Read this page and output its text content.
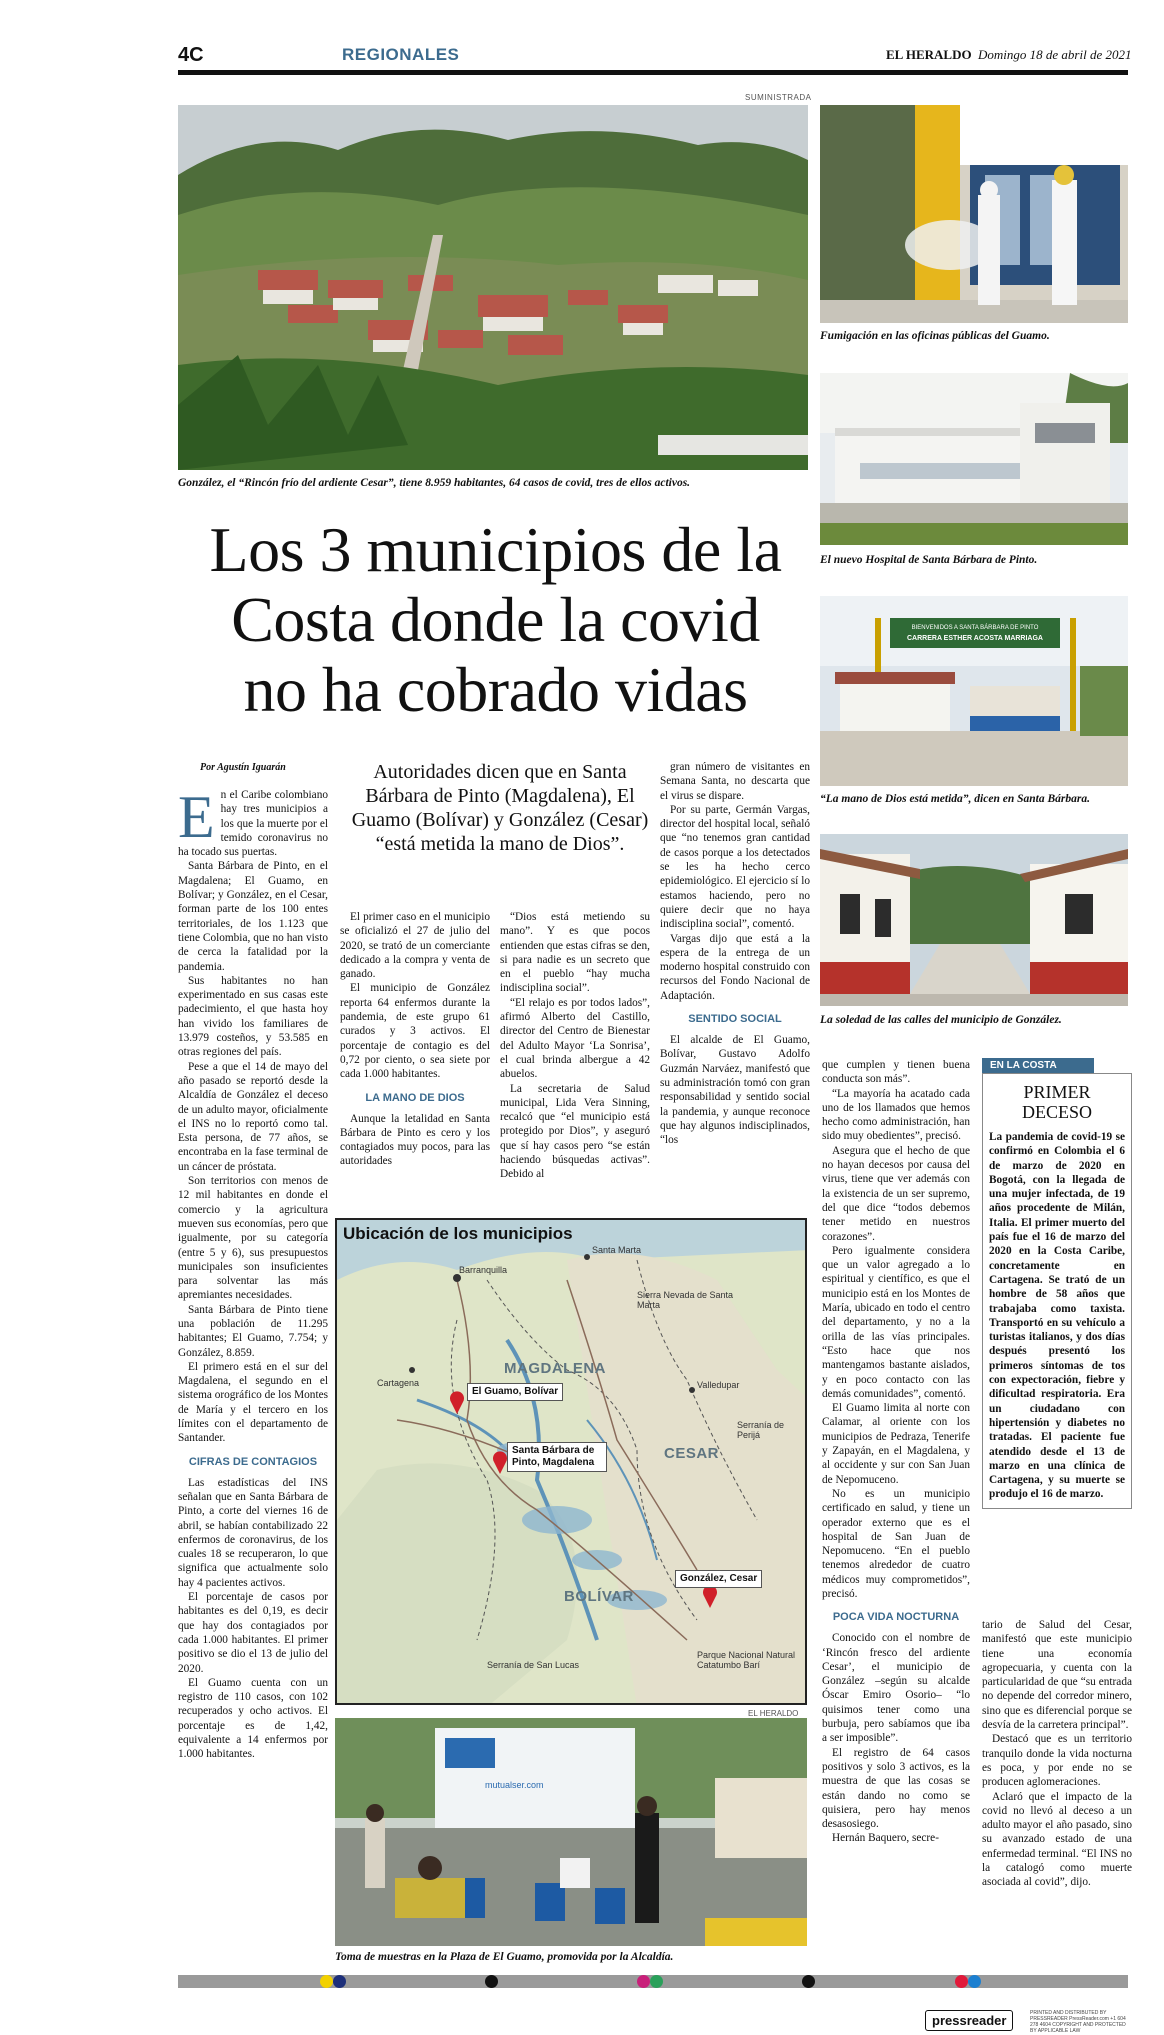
4C	REGIONALES	EL HERALDO Domingo 18 de abril de 2021
SUMINISTRADA
González, el “Rincón frío del ardiente Cesar”, tiene 8.959 habitantes, 64 casos de covid, tres de ellos activos.
Fumigación en las oficinas públicas del Guamo.
El nuevo Hospital de Santa Bárbara de Pinto.
BIENVENIDOS A SANTA BÁRBARA DE PINTO
CARRERA ESTHER ACOSTA MARRIAGA
“La mano de Dios está metida”, dicen en Santa Bárbara.
La soledad de las calles del municipio de González.
Los 3 municipios de la
Costa donde la covid
no ha cobrado vidas
Por Agustín Iguarán	Autoridades dicen que en Santa Bárbara de Pinto (Magdalena), El Guamo (Bolívar) y González (Cesar) “está metida la mano de Dios”.
E n el Caribe colombiano hay tres municipios a los que la muerte por el temido coronavirus no ha tocado sus puertas.

Santa Bárbara de Pinto, en el Magdalena; El Guamo, en Bolívar; y González, en el Cesar, forman parte de los 100 entes territoriales, de los 1.123 que tiene Colombia, que no han visto de cerca la fatalidad por la pandemia.

Sus habitantes no han experimentado en sus casas este padecimiento, el que hasta hoy han vivido los familiares de 13.979 costeños, y 53.585 en otras regiones del país.

Pese a que el 14 de mayo del año pasado se reportó desde la Alcaldía de González el deceso de un adulto mayor, oficialmente el INS no lo reportó como tal. Esta persona, de 77 años, se encontraba en la fase terminal de un cáncer de próstata.

Son territorios con menos de 12 mil habitantes en donde el comercio y la agricultura mueven sus economías, pero que igualmente, por su categoría (entre 5 y 6), sus presupuestos municipales son insuficientes para solventar las más apremiantes necesidades.

Santa Bárbara de Pinto tiene una población de 11.295 habitantes; El Guamo, 7.754; y González, 8.859.

El primero está en el sur del Magdalena, el segundo en el sistema orográfico de los Montes de María y el tercero en los límites con el departamento de Santander.

CIFRAS DE CONTAGIOS

Las estadísticas del INS señalan que en Santa Bárbara de Pinto, a corte del viernes 16 de abril, se habían contabilizado 22 enfermos de coronavirus, de los cuales 18 se recuperaron, lo que significa que actualmente solo hay 4 pacientes activos.

El porcentaje de casos por habitantes es del 0,19, es decir que hay dos contagiados por cada 1.000 habitantes. El primer positivo se dio el 13 de julio del 2020.

El Guamo cuenta con un registro de 110 casos, con 102 recuperados y ocho activos. El porcentaje es de 1,42, equivalente a 14 enfermos por 1.000 habitantes.

El primer caso en el municipio se oficializó el 27 de julio del 2020, se trató de un comerciante dedicado a la compra y venta de ganado.

El municipio de González reporta 64 enfermos durante la pandemia, de este grupo 61 curados y 3 activos. El porcentaje de contagio es del 0,72 por ciento, o sea siete por cada 1.000 habitantes.

LA MANO DE DIOS

Aunque la letalidad en Santa Bárbara de Pinto es cero y los contagiados muy pocos, para las autoridades

“Dios está metiendo su mano”. Y es que pocos entienden que estas cifras se den, si para nadie es un secreto que en el pueblo “hay mucha indisciplina social”.

“El relajo es por todos lados”, afirmó Alberto del Castillo, director del Centro de Bienestar del Adulto Mayor ‘La Sonrisa’, el cual brinda albergue a 42 abuelos.

La secretaria de Salud municipal, Lida Vera Sinning, recalcó que “el municipio está protegido por Dios”, y aseguró que sí hay casos pero “se están haciendo búsquedas activas”. Debido al

gran número de visitantes en Semana Santa, no descarta que el virus se dispare.

Por su parte, Germán Vargas, director del hospital local, señaló que “no tenemos gran cantidad de casos porque a los detectados se les ha hecho cerco epidemiológico. El ejercicio sí lo estamos haciendo, pero no quiere decir que no haya indisciplina social”, comentó.

Vargas dijo que está a la espera de la entrega de un moderno hospital construido con recursos del Fondo Nacional de Adaptación.

SENTIDO SOCIAL

El alcalde de El Guamo, Bolívar, Gustavo Adolfo Guzmán Narváez, manifestó que su administración tomó con gran responsabilidad y sentido social la pandemia, y aunque reconoce que hay algunos indisciplinados, “los

que cumplen y tienen buena conducta son más”.

“La mayoría ha acatado cada uno de los llamados que hemos hecho como administración, han sido muy obedientes”, precisó.

Asegura que el hecho de que no hayan decesos por causa del virus, tiene que ver además con la existencia de un ser supremo, del que dice “todos debemos tener metido en nuestros corazones”.

Pero igualmente considera que un valor agregado a lo espiritual y científico, es que el municipio está en los Montes de María, ubicado en todo el centro del departamento, y no a la orilla de las vías principales. “Esto hace que nos mantengamos bastante aislados, y en poco contacto con las demás comunidades”, comentó.

El Guamo limita al norte con Calamar, al oriente con los municipios de Pedraza, Tenerife y Zapayán, en el Magdalena, y al occidente y sur con San Juan de Nepomuceno.

No es un municipio certificado en salud, y tiene un operador externo que es el hospital de San Juan de Nepomuceno. “En el pueblo tenemos alrededor de cuatro médicos muy comprometidos”, precisó.

POCA VIDA NOCTURNA

Conocido con el nombre de ‘Rincón fresco del ardiente Cesar’, el municipio de González –según su alcalde Óscar Emiro Osorio– “lo quisimos tener como una burbuja, pero sabíamos que iba a ser imposible”.

El registro de 64 casos positivos y solo 3 activos, es la muestra de que las cosas se están dando no como se quisiera, pero hay menos desasosiego.

Hernán Baquero, secre-

EN LA COSTA
PRIMER DECESO
La pandemia de covid-19 se confirmó en Colombia el 6 de marzo de 2020 en Bogotá, con la llegada de una mujer infectada, de 19 años procedente de Milán, Italia. El primer muerto del país fue el 16 de marzo del 2020 en la Costa Caribe, concretamente en Cartagena. Se trató de un hombre de 58 años que trabajaba como taxista. Transportó en su vehículo a turistas italianos, y dos días después presentó los primeros síntomas de tos con expectoración, fiebre y dificultad respiratoria. Era un ciudadano con hipertensión y diabetes no tratadas. El paciente fue atendido desde el 13 de marzo en una clínica de Cartagena, y su muerte se produjo el 16 de marzo.

tario de Salud del Cesar, manifestó que este municipio tiene una economía agropecuaria, y cuenta con la particularidad de que “su entrada no depende del corredor minero, sino que es diferencial porque se desvía de la carretera principal”.

Destacó que es un territorio tranquilo donde la vida nocturna es poca, y por ende no se producen aglomeraciones.

Aclaró que el impacto de la covid no llevó al deceso a un adulto mayor el año pasado, sino su avanzado estado de una enfermedad terminal. “El INS no la catalogó como muerte asociada al covid”, dijo.

Ubicación de los municipios
MAGDALENA
CESAR
BOLÍVAR
El Guamo, Bolívar
Santa Bárbara de Pinto, Magdalena
González, Cesar
Barranquilla
Santa Marta
Sierra Nevada de Santa Marta
Valledupar
Cartagena
Serranía de Perijá
Serranía de San Lucas
Parque Nacional Natural Catatumbo Barí
EL HERALDO
mutualser.com
Toma de muestras en la Plaza de El Guamo, promovida por la Alcaldía.
pressreader	PRINTED AND DISTRIBUTED BY PRESSREADER PressReader.com +1 604 278 4604 COPYRIGHT AND PROTECTED BY APPLICABLE LAW
